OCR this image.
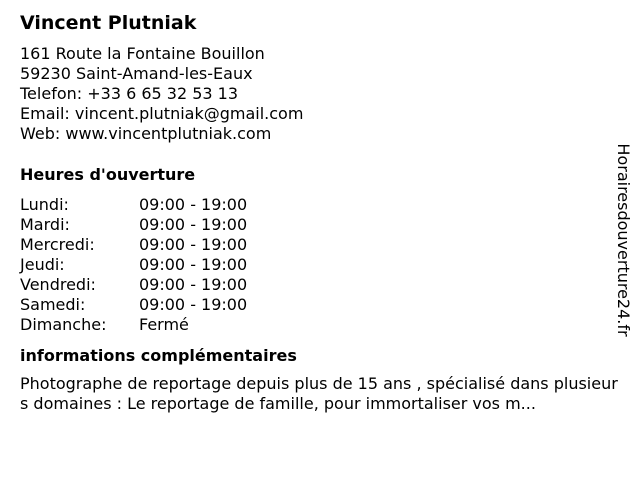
Vincent Plutniak
161 Route la Fontaine Bouillon
59230 Saint-Amand-les-Eaux
Telefon: +33 6 65 32 53 13
Email: vincent.plutniak@gmail.com
Web: www.vincentplutniak.com
Heures d'ouverture
Lundi:	09:00 - 19:00
Mardi:	09:00 - 19:00
Mercredi:	09:00 - 19:00
Jeudi:	09:00 - 19:00
Vendredi:	09:00 - 19:00
Samedi:	09:00 - 19:00
Dimanche: Fermé
informations complémentaires
Photographe de reportage depuis plus de 15 ans , spécialisé dans plusieurs domaines : Le reportage de famille, pour immortaliser vos m...
Horairesdouverture24.fr
